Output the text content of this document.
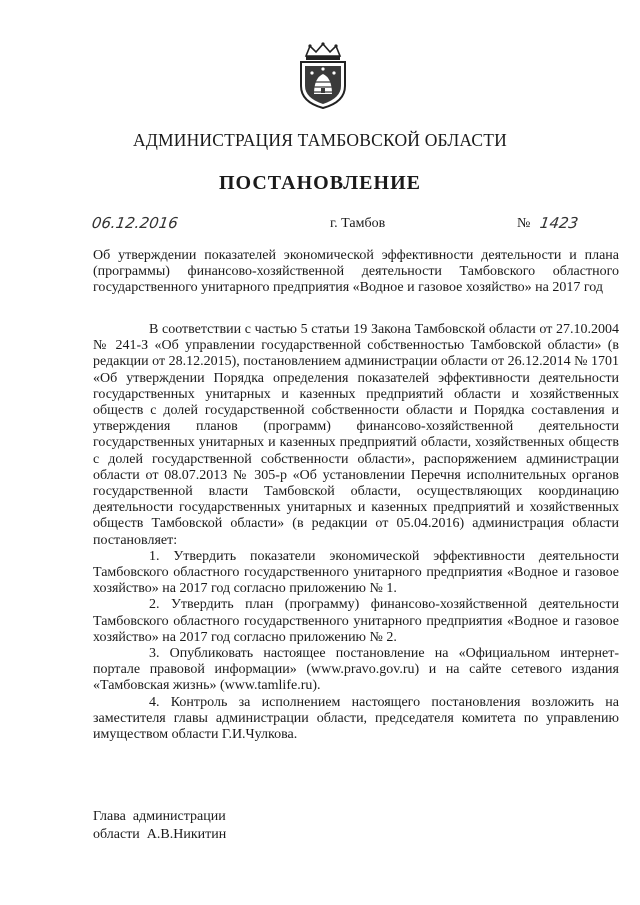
АДМИНИСТРАЦИЯ ТАМБОВСКОЙ ОБЛАСТИ
ПОСТАНОВЛЕНИЕ
06.12.2016	г. Тамбов	№ 1423
Об утверждении показателей экономической эффективности деятельности и плана (программы) финансово-хозяйственной деятельности Тамбовского областного государственного унитарного предприятия «Водное и газовое хозяйство» на 2017 год

В соответствии с частью 5 статьи 19 Закона Тамбовской области от 27.10.2004 № 241-З «Об управлении государственной собственностью Тамбовской области» (в редакции от 28.12.2015), постановлением администрации области от 26.12.2014 № 1701 «Об утверждении Порядка определения показателей эффективности деятельности государственных унитарных и казенных предприятий области и хозяйственных обществ с долей государственной собственности области и Порядка составления и утверждения планов (программ) финансово-хозяйственной деятельности государственных унитарных и казенных предприятий области, хозяйственных обществ с долей государственной собственности области», распоряжением администрации области от 08.07.2013 № 305-р «Об установлении Перечня исполнительных органов государственной власти Тамбовской области, осуществляющих координацию деятельности государственных унитарных и казенных предприятий и хозяйственных обществ Тамбовской области» (в редакции от 05.04.2016) администрация области постановляет:

1. Утвердить показатели экономической эффективности деятельности Тамбовского областного государственного унитарного предприятия «Водное и газовое хозяйство» на 2017 год согласно приложению № 1.

2. Утвердить план (программу) финансово-хозяйственной деятельности Тамбовского областного государственного унитарного предприятия «Водное и газовое хозяйство» на 2017 год согласно приложению № 2.

3. Опубликовать настоящее постановление на «Официальном интернет-портале правовой информации» (www.pravo.gov.ru) и на сайте сетевого издания «Тамбовская жизнь» (www.tamlife.ru).

4. Контроль за исполнением настоящего постановления возложить на заместителя главы администрации области, председателя комитета по управлению имуществом области Г.И.Чулкова.

Глава  администрации
области  А.В.Никитин
